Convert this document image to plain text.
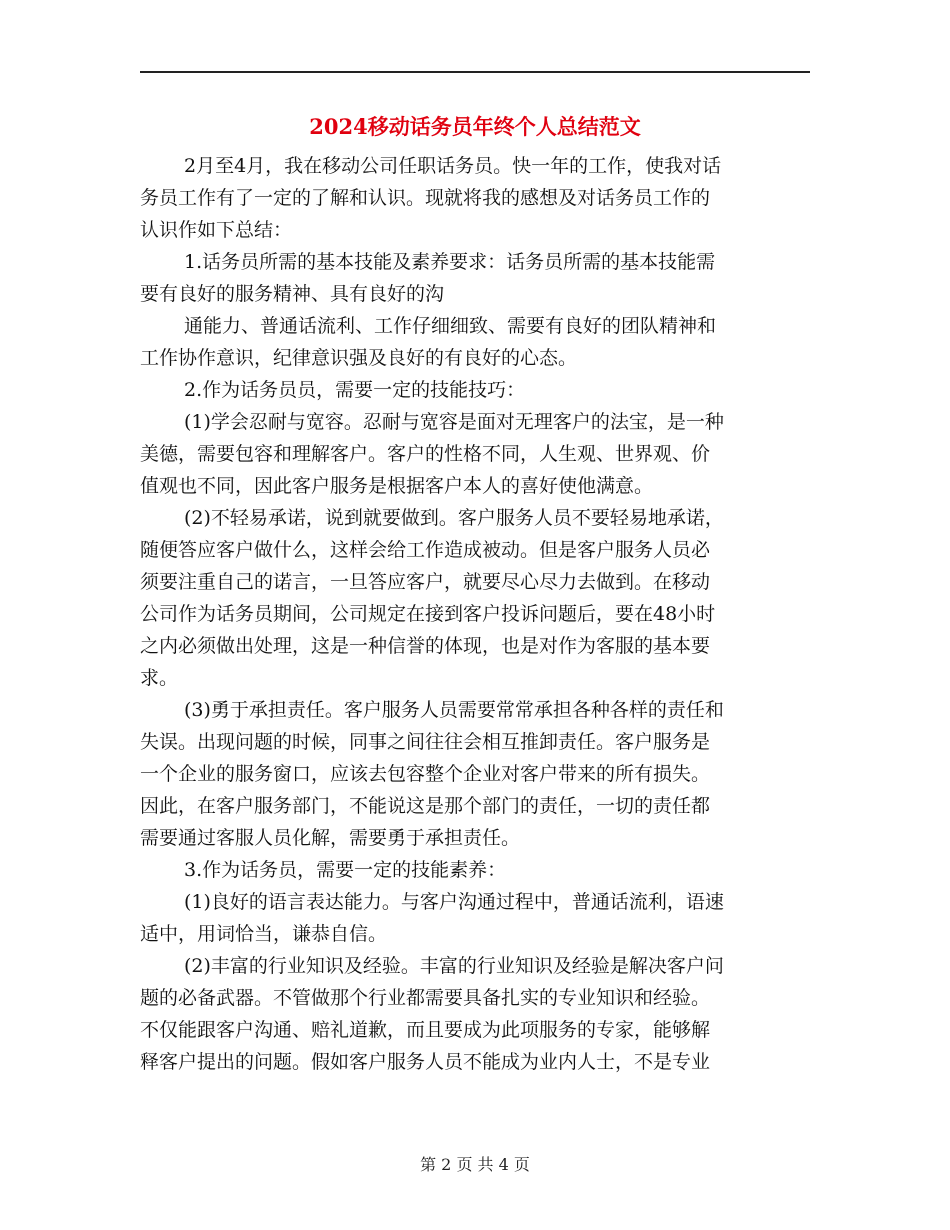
2024移动话务员年终个人总结范文
2月至4月，我在移动公司任职话务员。快一年的工作，使我对话
务员工作有了一定的了解和认识。现就将我的感想及对话务员工作的
认识作如下总结：
1.话务员所需的基本技能及素养要求：话务员所需的基本技能需
要有良好的服务精神、具有良好的沟
通能力、普通话流利、工作仔细细致、需要有良好的团队精神和
工作协作意识，纪律意识强及良好的有良好的心态。
2.作为话务员员，需要一定的技能技巧：
(1)学会忍耐与宽容。忍耐与宽容是面对无理客户的法宝，是一种
美德，需要包容和理解客户。客户的性格不同，人生观、世界观、价
值观也不同，因此客户服务是根据客户本人的喜好使他满意。
(2)不轻易承诺，说到就要做到。客户服务人员不要轻易地承诺，
随便答应客户做什么，这样会给工作造成被动。但是客户服务人员必
须要注重自己的诺言，一旦答应客户，就要尽心尽力去做到。在移动
公司作为话务员期间，公司规定在接到客户投诉问题后，要在48小时
之内必须做出处理，这是一种信誉的体现，也是对作为客服的基本要
求。
(3)勇于承担责任。客户服务人员需要常常承担各种各样的责任和
失误。出现问题的时候，同事之间往往会相互推卸责任。客户服务是
一个企业的服务窗口，应该去包容整个企业对客户带来的所有损失。
因此，在客户服务部门，不能说这是那个部门的责任，一切的责任都
需要通过客服人员化解，需要勇于承担责任。
3.作为话务员，需要一定的技能素养：
(1)良好的语言表达能力。与客户沟通过程中，普通话流利，语速
适中，用词恰当，谦恭自信。
(2)丰富的行业知识及经验。丰富的行业知识及经验是解决客户问
题的必备武器。不管做那个行业都需要具备扎实的专业知识和经验。
不仅能跟客户沟通、赔礼道歉，而且要成为此项服务的专家，能够解
释客户提出的问题。假如客户服务人员不能成为业内人士，不是专业
第 2 页 共 4 页
